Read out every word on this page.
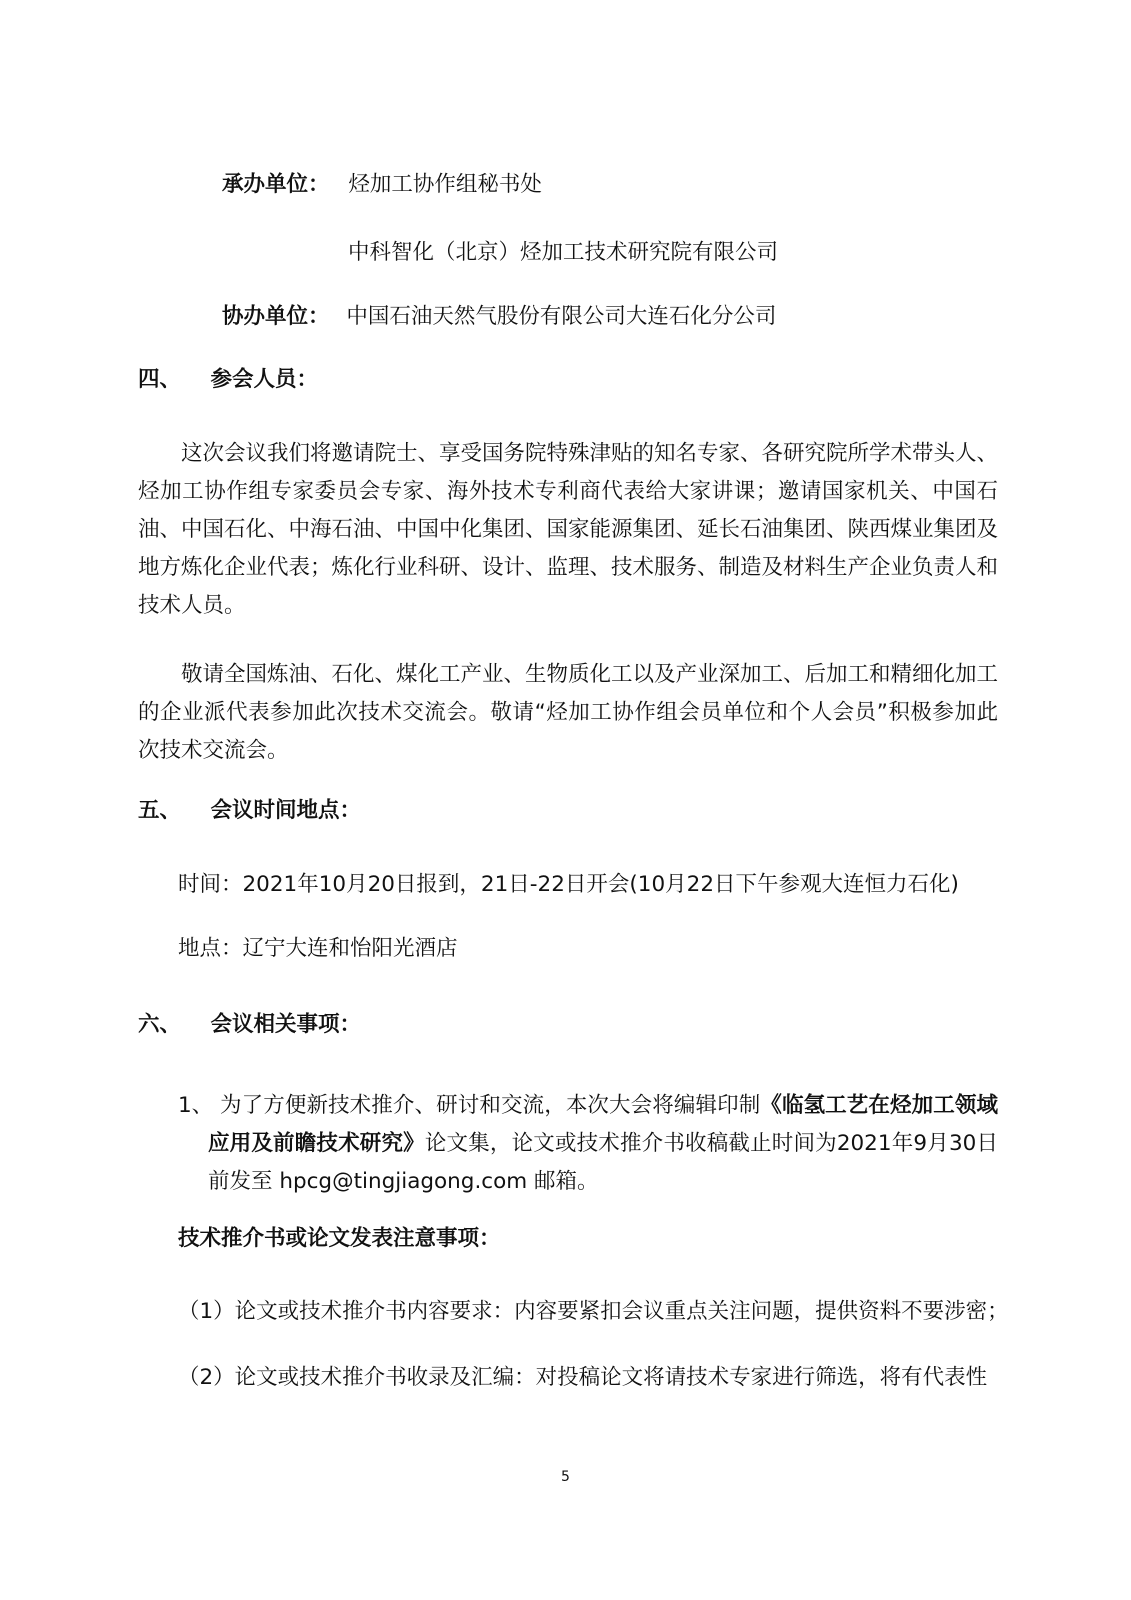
承办单位： 烃加工协作组秘书处
中科智化（北京）烃加工技术研究院有限公司
协办单位： 中国石油天然气股份有限公司大连石化分公司
四、 参会人员：
这次会议我们将邀请院士、享受国务院特殊津贴的知名专家、各研究院所学术带头人、烃加工协作组专家委员会专家、海外技术专利商代表给大家讲课；邀请国家机关、中国石油、中国石化、中海石油、中国中化集团、国家能源集团、延长石油集团、陕西煤业集团及地方炼化企业代表；炼化行业科研、设计、监理、技术服务、制造及材料生产企业负责人和技术人员。
敬请全国炼油、石化、煤化工产业、生物质化工以及产业深加工、后加工和精细化加工的企业派代表参加此次技术交流会。敬请“烃加工协作组会员单位和个人会员”积极参加此次技术交流会。
五、 会议时间地点：
时间：2021年10月20日报到，21日-22日开会(10月22日下午参观大连恒力石化)
地点：辽宁大连和怡阳光酒店
六、 会议相关事项：
1、 为了方便新技术推介、研讨和交流，本次大会将编辑印制《临氢工艺在烃加工领域应用及前瞻技术研究》论文集，论文或技术推介书收稿截止时间为2021年9月30日前发至 hpcg@tingjiagong.com 邮箱。
技术推介书或论文发表注意事项：
（1）论文或技术推介书内容要求：内容要紧扣会议重点关注问题，提供资料不要涉密；
（2）论文或技术推介书收录及汇编：对投稿论文将请技术专家进行筛选，将有代表性
5
